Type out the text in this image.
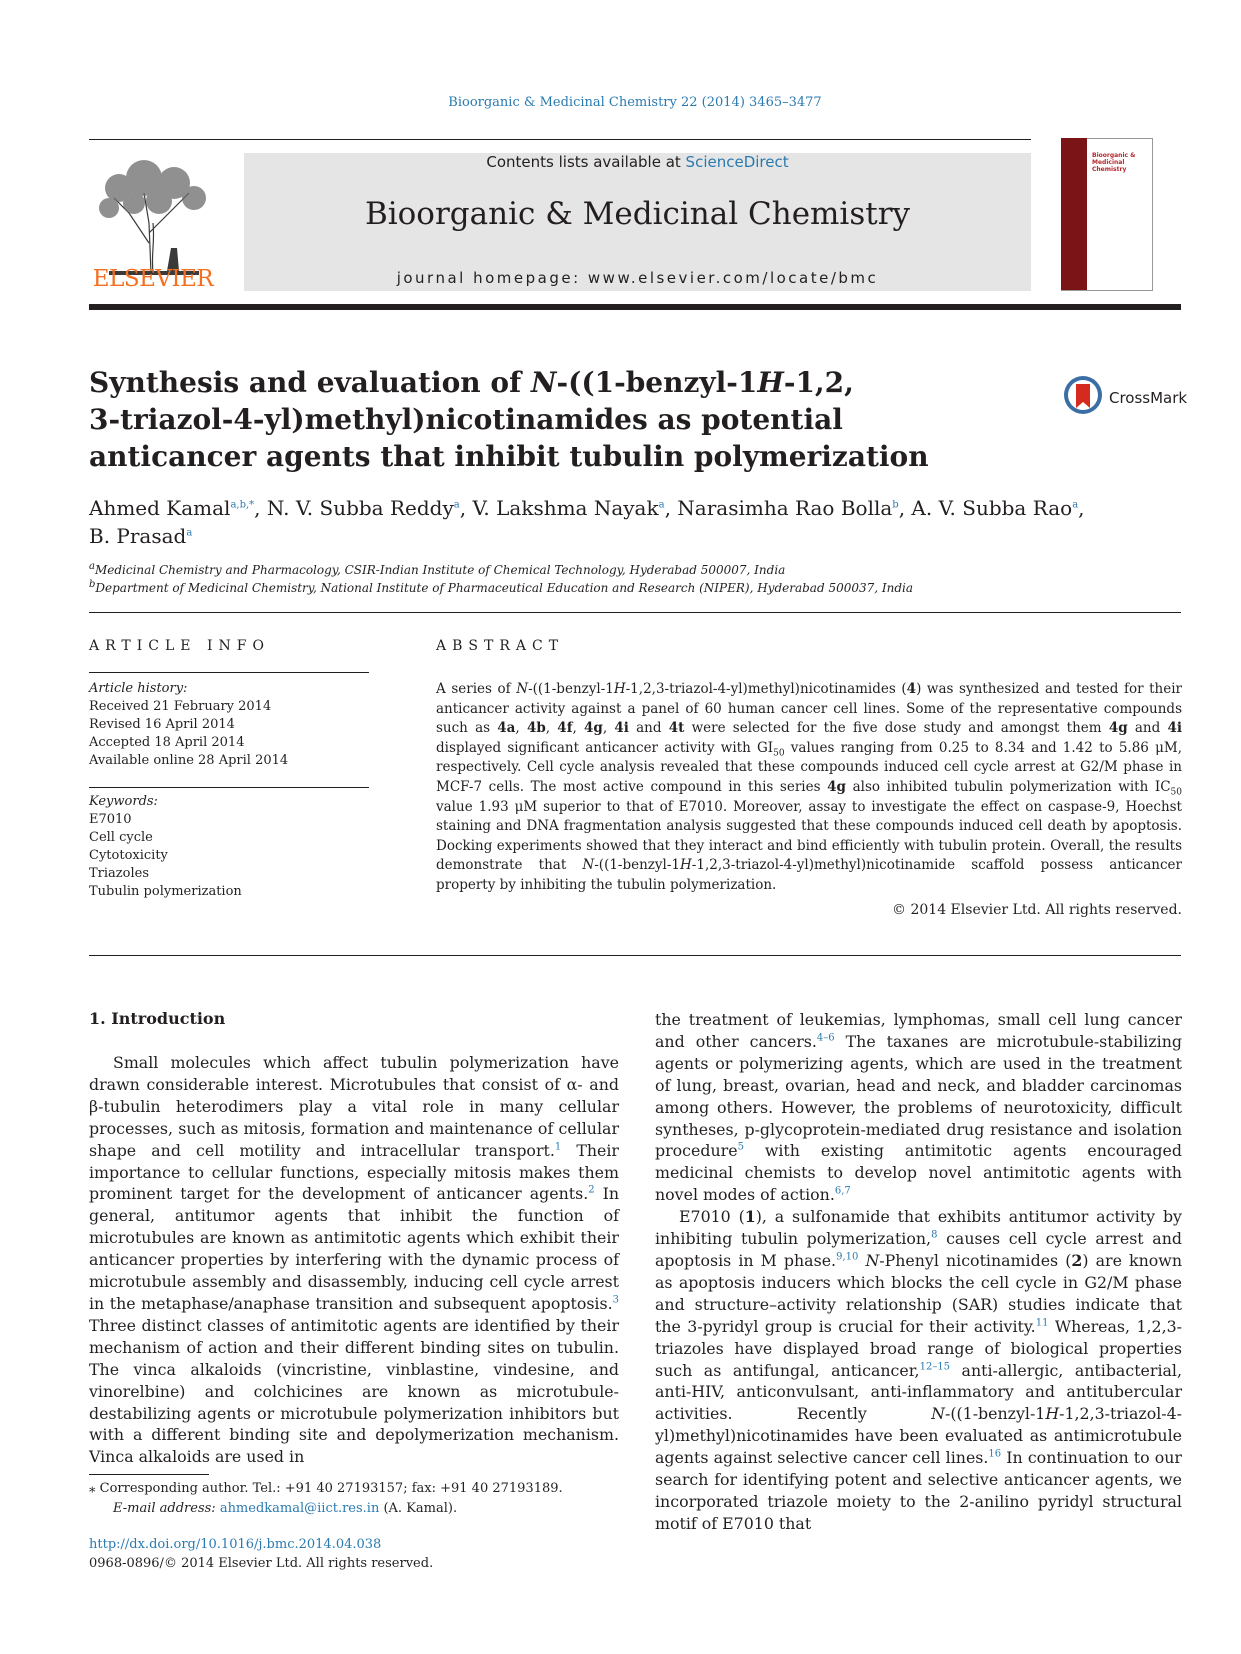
Bioorganic & Medicinal Chemistry 22 (2014) 3465–3477
ELSEVIER
Contents lists available at ScienceDirect
Bioorganic & Medicinal Chemistry
journal homepage: www.elsevier.com/locate/bmc
Bioorganic & Medicinal Chemistry
Synthesis and evaluation of N-((1-benzyl-1H-1,2,
3-triazol-4-yl)methyl)nicotinamides as potential
anticancer agents that inhibit tubulin polymerization
CrossMark
Ahmed Kamal$^{a,b,*}$, N. V. Subba Reddy$^a$, V. Lakshma Nayak$^a$, Narasimha Rao Bolla$^b$, A. V. Subba Rao$^a$,
B. Prasad$^a$
$^a$Medicinal Chemistry and Pharmacology, CSIR-Indian Institute of Chemical Technology, Hyderabad 500007, India
$^b$Department of Medicinal Chemistry, National Institute of Pharmaceutical Education and Research (NIPER), Hyderabad 500037, India
ARTICLE INFO
Article history:
Received 21 February 2014
Revised 16 April 2014
Accepted 18 April 2014
Available online 28 April 2014
Keywords:
E7010
Cell cycle
Cytotoxicity
Triazoles
Tubulin polymerization
ABSTRACT
A series of N-((1-benzyl-1H-1,2,3-triazol-4-yl)methyl)nicotinamides (4) was synthesized and tested for their anticancer activity against a panel of 60 human cancer cell lines. Some of the representative compounds such as 4a, 4b, 4f, 4g, 4i and 4t were selected for the five dose study and amongst them 4g and 4i displayed significant anticancer activity with $GI_{50}$ values ranging from 0.25 to 8.34 and 1.42 to 5.86 μM, respectively. Cell cycle analysis revealed that these compounds induced cell cycle arrest at G2/M phase in MCF-7 cells. The most active compound in this series 4g also inhibited tubulin polymerization with $IC_{50}$ value 1.93 μM superior to that of E7010. Moreover, assay to investigate the effect on caspase-9, Hoechst staining and DNA fragmentation analysis suggested that these compounds induced cell death by apoptosis. Docking experiments showed that they interact and bind efficiently with tubulin protein. Overall, the results demonstrate that N-((1-benzyl-1H-1,2,3-triazol-4-yl)methyl)nicotinamide scaffold possess anticancer property by inhibiting the tubulin polymerization.
© 2014 Elsevier Ltd. All rights reserved.
1. Introduction

Small molecules which affect tubulin polymerization have drawn considerable interest. Microtubules that consist of α- and β-tubulin heterodimers play a vital role in many cellular processes, such as mitosis, formation and maintenance of cellular shape and cell motility and intracellular transport.$^1$ Their importance to cellular functions, especially mitosis makes them prominent target for the development of anticancer agents.$^2$ In general, antitumor agents that inhibit the function of microtubules are known as antimitotic agents which exhibit their anticancer properties by interfering with the dynamic process of microtubule assembly and disassembly, inducing cell cycle arrest in the metaphase/anaphase transition and subsequent apoptosis.$^3$ Three distinct classes of antimitotic agents are identified by their mechanism of action and their different binding sites on tubulin. The vinca alkaloids (vincristine, vinblastine, vindesine, and vinorelbine) and colchicines are known as microtubule-destabilizing agents or microtubule polymerization inhibitors but with a different binding site and depolymerization mechanism. Vinca alkaloids are used in

the treatment of leukemias, lymphomas, small cell lung cancer and other cancers.$^{4-6}$ The taxanes are microtubule-stabilizing agents or polymerizing agents, which are used in the treatment of lung, breast, ovarian, head and neck, and bladder carcinomas among others. However, the problems of neurotoxicity, difficult syntheses, p-glycoprotein-mediated drug resistance and isolation procedure$^5$ with existing antimitotic agents encouraged medicinal chemists to develop novel antimitotic agents with novel modes of action.$^{6,7}$

E7010 (1), a sulfonamide that exhibits antitumor activity by inhibiting tubulin polymerization,$^8$ causes cell cycle arrest and apoptosis in M phase.$^{9,10}$ N-Phenyl nicotinamides (2) are known as apoptosis inducers which blocks the cell cycle in G2/M phase and structure–activity relationship (SAR) studies indicate that the 3-pyridyl group is crucial for their activity.$^{11}$ Whereas, 1,2,3-triazoles have displayed broad range of biological properties such as antifungal, anticancer,$^{12-15}$ anti-allergic, antibacterial, anti-HIV, anticonvulsant, anti-inflammatory and antitubercular activities. Recently N-((1-benzyl-1H-1,2,3-triazol-4-yl)methyl)nicotinamides have been evaluated as antimicrotubule agents against selective cancer cell lines.$^{16}$ In continuation to our search for identifying potent and selective anticancer agents, we incorporated triazole moiety to the 2-anilino pyridyl structural motif of E7010 that

⁎ Corresponding author. Tel.: +91 40 27193157; fax: +91 40 27193189.
E-mail address: ahmedkamal@iict.res.in (A. Kamal).
http://dx.doi.org/10.1016/j.bmc.2014.04.038
0968-0896/© 2014 Elsevier Ltd. All rights reserved.
